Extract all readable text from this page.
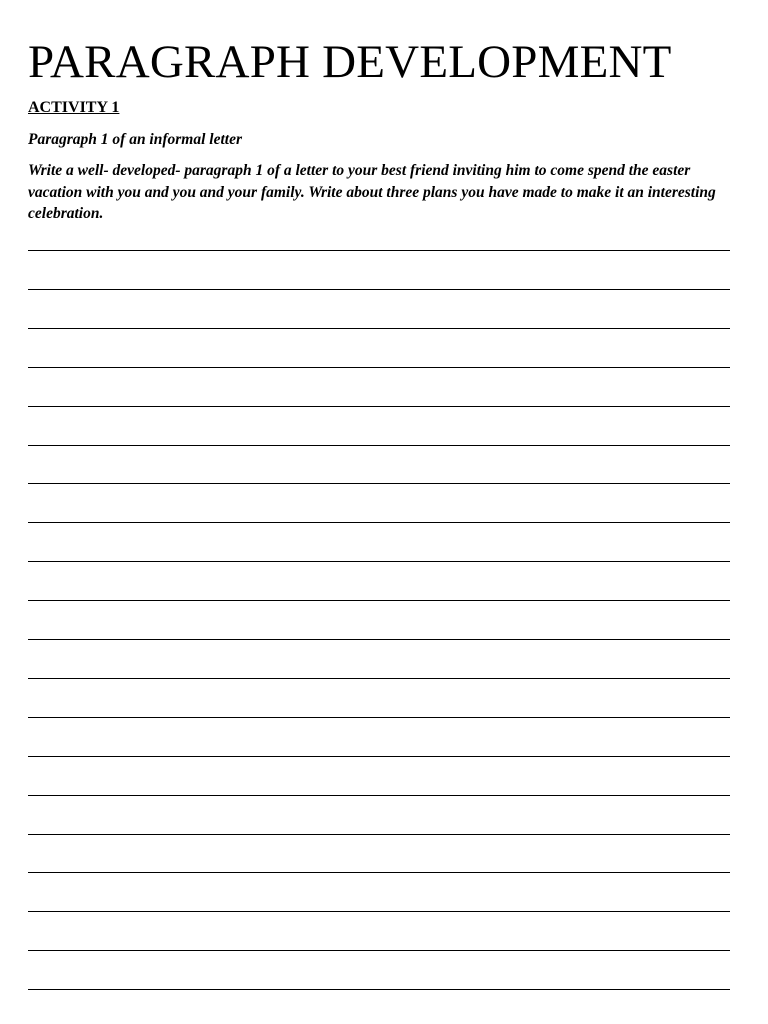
PARAGRAPH DEVELOPMENT
ACTIVITY 1
Paragraph 1 of an informal letter

Write a well- developed- paragraph 1 of a letter to your best friend inviting him to come spend the easter vacation with you and you and your family. Write about three plans you have made to make it an interesting celebration.
